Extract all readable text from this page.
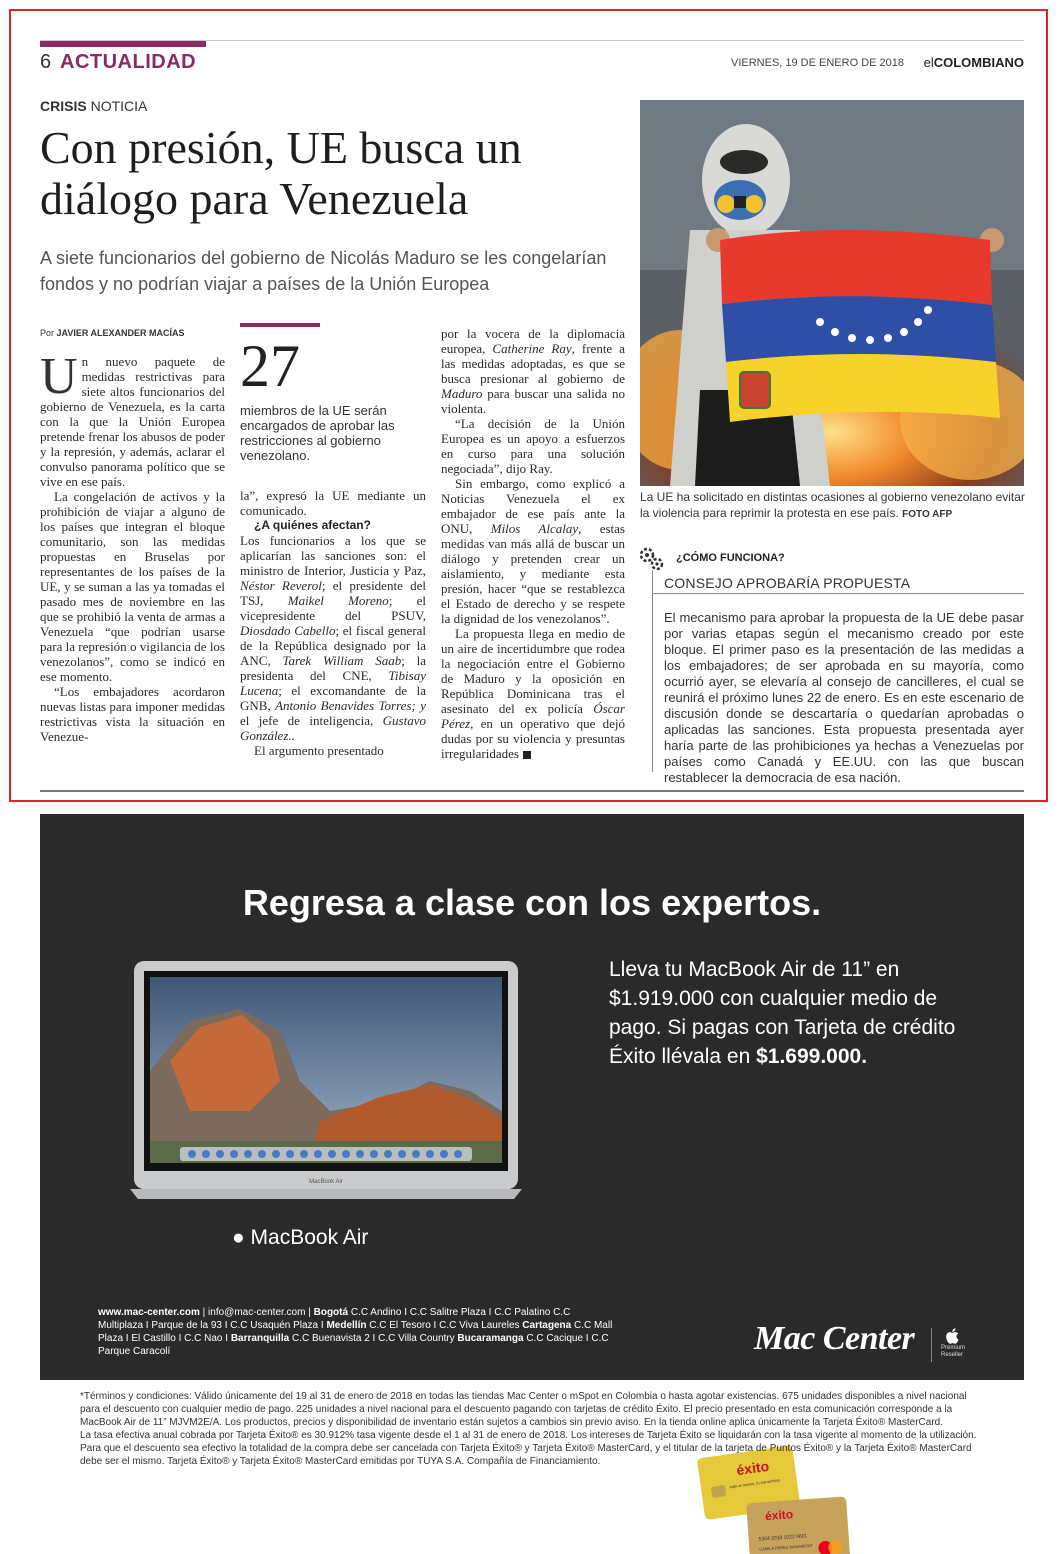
6 ACTUALIDAD	VIERNES, 19 DE ENERO DE 2018 elCOLOMBIANO
CRISIS NOTICIA
Con presión, UE busca un diálogo para Venezuela
A siete funcionarios del gobierno de Nicolás Maduro se les congelarían fondos y no podrían viajar a países de la Unión Europea
La UE ha solicitado en distintas ocasiones al gobierno venezolano evitar la violencia para reprimir la protesta en ese país. FOTO AFP
Por JAVIER ALEXANDER MACÍAS

Un nuevo paquete de medidas restrictivas para siete altos funcionarios del gobierno de Venezuela, es la carta con la que la Unión Europea pretende frenar los abusos de poder y la represión, y además, aclarar el convulso panorama político que se vive en ese país.

La congelación de activos y la prohibición de viajar a alguno de los países que integran el bloque comunitario, son las medidas propuestas en Bruselas por representantes de los países de la UE, y se suman a las ya tomadas el pasado mes de noviembre en las que se prohibió la venta de armas a Venezuela “que podrían usarse para la represión o vigilancia de los venezolanos”, como se indicó en ese momento.

“Los embajadores acordaron nuevas listas para imponer medidas restrictivas vista la situación en Venezue-

27
miembros de la UE serán encargados de aprobar las restricciones al gobierno venezolano.

la”, expresó la UE mediante un comunicado.

¿A quiénes afectan?

Los funcionarios a los que se aplicarían las sanciones son: el ministro de Interior, Justicia y Paz, Néstor Reverol; el presidente del TSJ, Maikel Moreno; el vicepresidente del PSUV, Diosdado Cabello; el fiscal general de la República designado por la ANC, Tarek William Saab; la presidenta del CNE, Tibisay Lucena; el excomandante de la GNB, Antonio Benavides Torres; y el jefe de inteligencia, Gustavo González..

El argumento presentado

por la vocera de la diplomacia europea, Catherine Ray, frente a las medidas adoptadas, es que se busca presionar al gobierno de Maduro para buscar una salida no violenta.

“La decisión de la Unión Europea es un apoyo a esfuerzos en curso para una solución negociada”, dijo Ray.

Sin embargo, como explicó a Noticias Venezuela el ex embajador de ese país ante la ONU, Milos Alcalay, estas medidas van más allá de buscar un diálogo y pretenden crear un aislamiento, y mediante esta presión, hacer “que se restablezca el Estado de derecho y se respete la dignidad de los venezolanos”.

La propuesta llega en medio de un aire de incertidumbre que rodea la negociación entre el Gobierno de Maduro y la oposición en República Dominicana tras el asesinato del ex policía Óscar Pérez, en un operativo que dejó dudas por su violencia y presuntas irregularidades

¿CÓMO FUNCIONA?
CONSEJO APROBARÍA PROPUESTA
El mecanismo para aprobar la propuesta de la UE debe pasar por varias etapas según el mecanismo creado por este bloque. El primer paso es la presentación de las medidas a los embajadores; de ser aprobada en su mayoría, como ocurrió ayer, se elevaría al consejo de cancilleres, el cual se reunirá el próximo lunes 22 de enero. Es en este escenario de discusión donde se descartaría o quedarían aprobadas o aplicadas las sanciones. Esta propuesta presentada ayer haría parte de las prohibiciones ya hechas a Venezuelas por países como Canadá y EE.UU. con las que buscan restablecer la democracia de esa nación.
Regresa a clase con los expertos.
MacBook Air
● MacBook Air
Lleva tu MacBook Air de 11” en $1.919.000 con cualquier medio de pago. Si pagas con Tarjeta de crédito Éxito llévala en $1.699.000.
éxito
todo al mismo, lo encuentras
éxito
5304 2018 1022 6601
CAMILA PEREZ MANAMONT
www.mac-center.com | info@mac-center.com | Bogotá C.C Andino I C.C Salitre Plaza I C.C Palatino C.C Multiplaza I Parque de la 93 I C.C Usaquén Plaza I Medellín C.C El Tesoro I C.C Viva Laureles Cartagena C.C Mall Plaza I El Castillo I C.C Nao I Barranquilla C.C Buenavista 2 I C.C Villa Country Bucaramanga C.C Cacique I C.C Parque Caracolí	Mac Center	Premium Reseller

*Términos y condiciones: Válido únicamente del 19 al 31 de enero de 2018 en todas las tiendas Mac Center o mSpot en Colombia o hasta agotar existencias. 675 unidades disponibles a nivel nacional para el descuento con cualquier medio de pago. 225 unidades a nivel nacional para el descuento pagando con tarjetas de crédito Éxito. El precio presentado en esta comunicación corresponde a la MacBook Air de 11” MJVM2E/A. Los productos, precios y disponibilidad de inventario están sujetos a cambios sin previo aviso. En la tienda online aplica únicamente la Tarjeta Éxito® MasterCard.

La tasa efectiva anual cobrada por Tarjeta Éxito® es 30.912% tasa vigente desde el 1 al 31 de enero de 2018. Los intereses de Tarjeta Éxito se liquidarán con la tasa vigente al momento de la utilización. Para que el descuento sea efectivo la totalidad de la compra debe ser cancelada con Tarjeta Éxito® y Tarjeta Éxito® MasterCard, y el titular de la tarjeta de Puntos Éxito® y la Tarjeta Éxito® MasterCard debe ser el mismo. Tarjeta Éxito® y Tarjeta Éxito® MasterCard emitidas por TUYA S.A. Compañía de Financiamiento.
